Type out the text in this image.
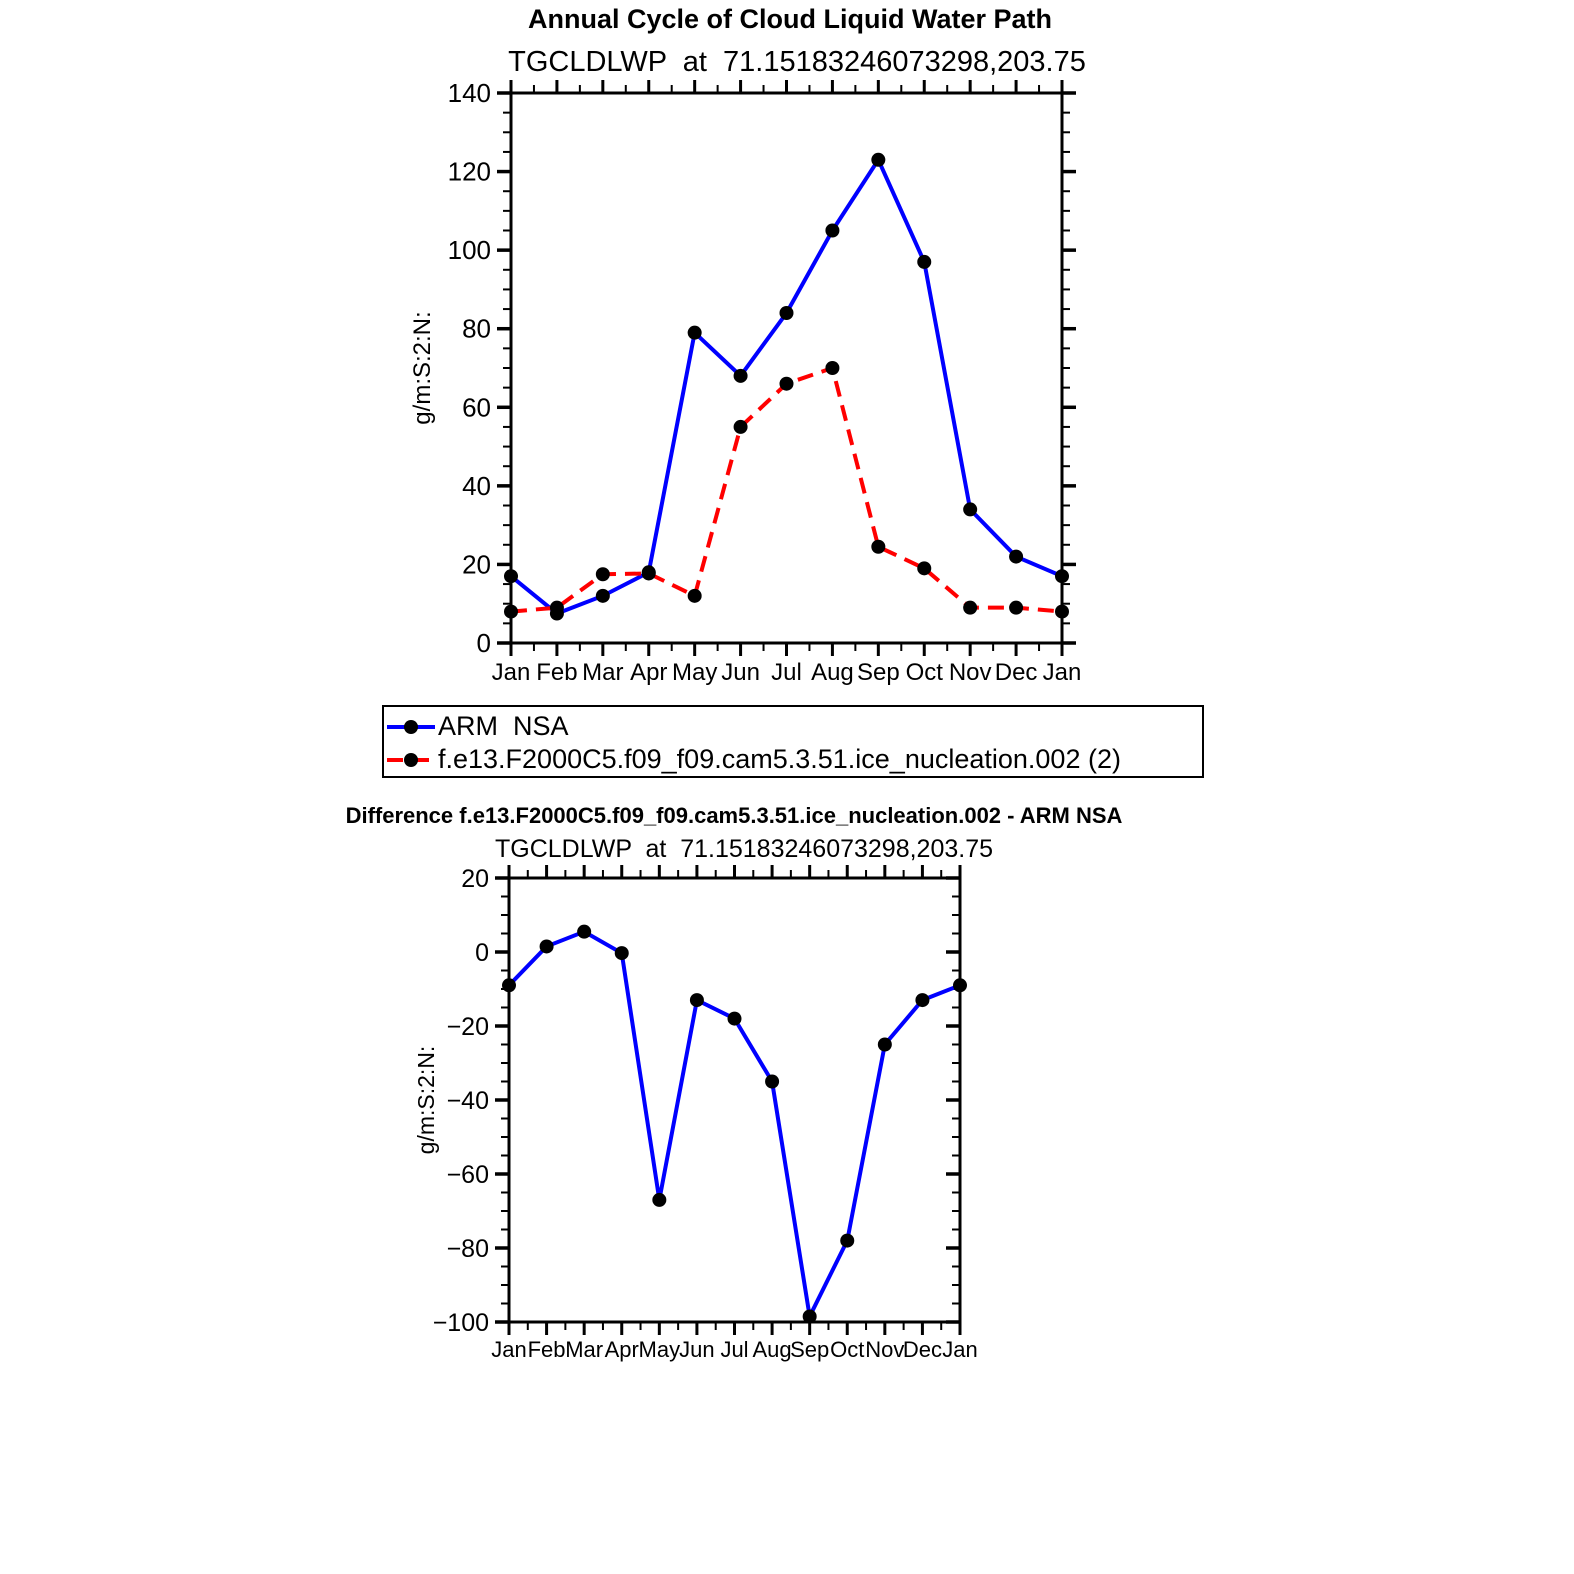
0
20
40
60
80
100
120
140
Jan Feb Mar Apr May Jun Jul Aug Sep Oct Nov Dec Jan
g/m:S:2:N:
−100
−80
−60
−40
−20
0
20
Jan Feb Mar Apr May Jun Jul Aug
Sep Oct Nov
Dec Jan
g/m:S:2:N:
Annual Cycle of Cloud Liquid Water Path
TGCLDLWP  at  71.15183246073298,203.75
Difference f.e13.F2000C5.f09_f09.cam5.3.51.ice_nucleation.002 - ARM NSA
TGCLDLWP  at  71.15183246073298,203.75
ARM  NSA
f.e13.F2000C5.f09_f09.cam5.3.51.ice_nucleation.002 (2)
